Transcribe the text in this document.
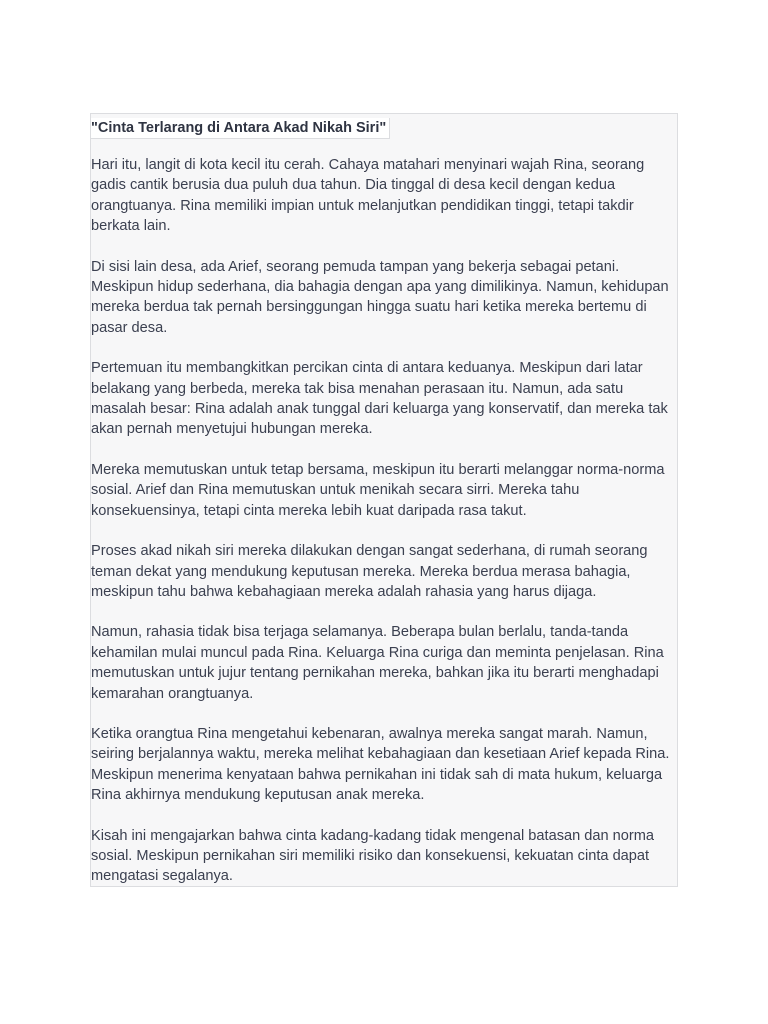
"Cinta Terlarang di Antara Akad Nikah Siri"

Hari itu, langit di kota kecil itu cerah. Cahaya matahari menyinari wajah Rina, seorang gadis cantik berusia dua puluh dua tahun. Dia tinggal di desa kecil dengan kedua orangtuanya. Rina memiliki impian untuk melanjutkan pendidikan tinggi, tetapi takdir berkata lain.

Di sisi lain desa, ada Arief, seorang pemuda tampan yang bekerja sebagai petani. Meskipun hidup sederhana, dia bahagia dengan apa yang dimilikinya. Namun, kehidupan mereka berdua tak pernah bersinggungan hingga suatu hari ketika mereka bertemu di pasar desa.

Pertemuan itu membangkitkan percikan cinta di antara keduanya. Meskipun dari latar belakang yang berbeda, mereka tak bisa menahan perasaan itu. Namun, ada satu masalah besar: Rina adalah anak tunggal dari keluarga yang konservatif, dan mereka tak akan pernah menyetujui hubungan mereka.

Mereka memutuskan untuk tetap bersama, meskipun itu berarti melanggar norma-norma sosial. Arief dan Rina memutuskan untuk menikah secara sirri. Mereka tahu konsekuensinya, tetapi cinta mereka lebih kuat daripada rasa takut.

Proses akad nikah siri mereka dilakukan dengan sangat sederhana, di rumah seorang teman dekat yang mendukung keputusan mereka. Mereka berdua merasa bahagia, meskipun tahu bahwa kebahagiaan mereka adalah rahasia yang harus dijaga.

Namun, rahasia tidak bisa terjaga selamanya. Beberapa bulan berlalu, tanda-tanda kehamilan mulai muncul pada Rina. Keluarga Rina curiga dan meminta penjelasan. Rina memutuskan untuk jujur tentang pernikahan mereka, bahkan jika itu berarti menghadapi kemarahan orangtuanya.

Ketika orangtua Rina mengetahui kebenaran, awalnya mereka sangat marah. Namun, seiring berjalannya waktu, mereka melihat kebahagiaan dan kesetiaan Arief kepada Rina. Meskipun menerima kenyataan bahwa pernikahan ini tidak sah di mata hukum, keluarga Rina akhirnya mendukung keputusan anak mereka.

Kisah ini mengajarkan bahwa cinta kadang-kadang tidak mengenal batasan dan norma sosial. Meskipun pernikahan siri memiliki risiko dan konsekuensi, kekuatan cinta dapat mengatasi segalanya.
